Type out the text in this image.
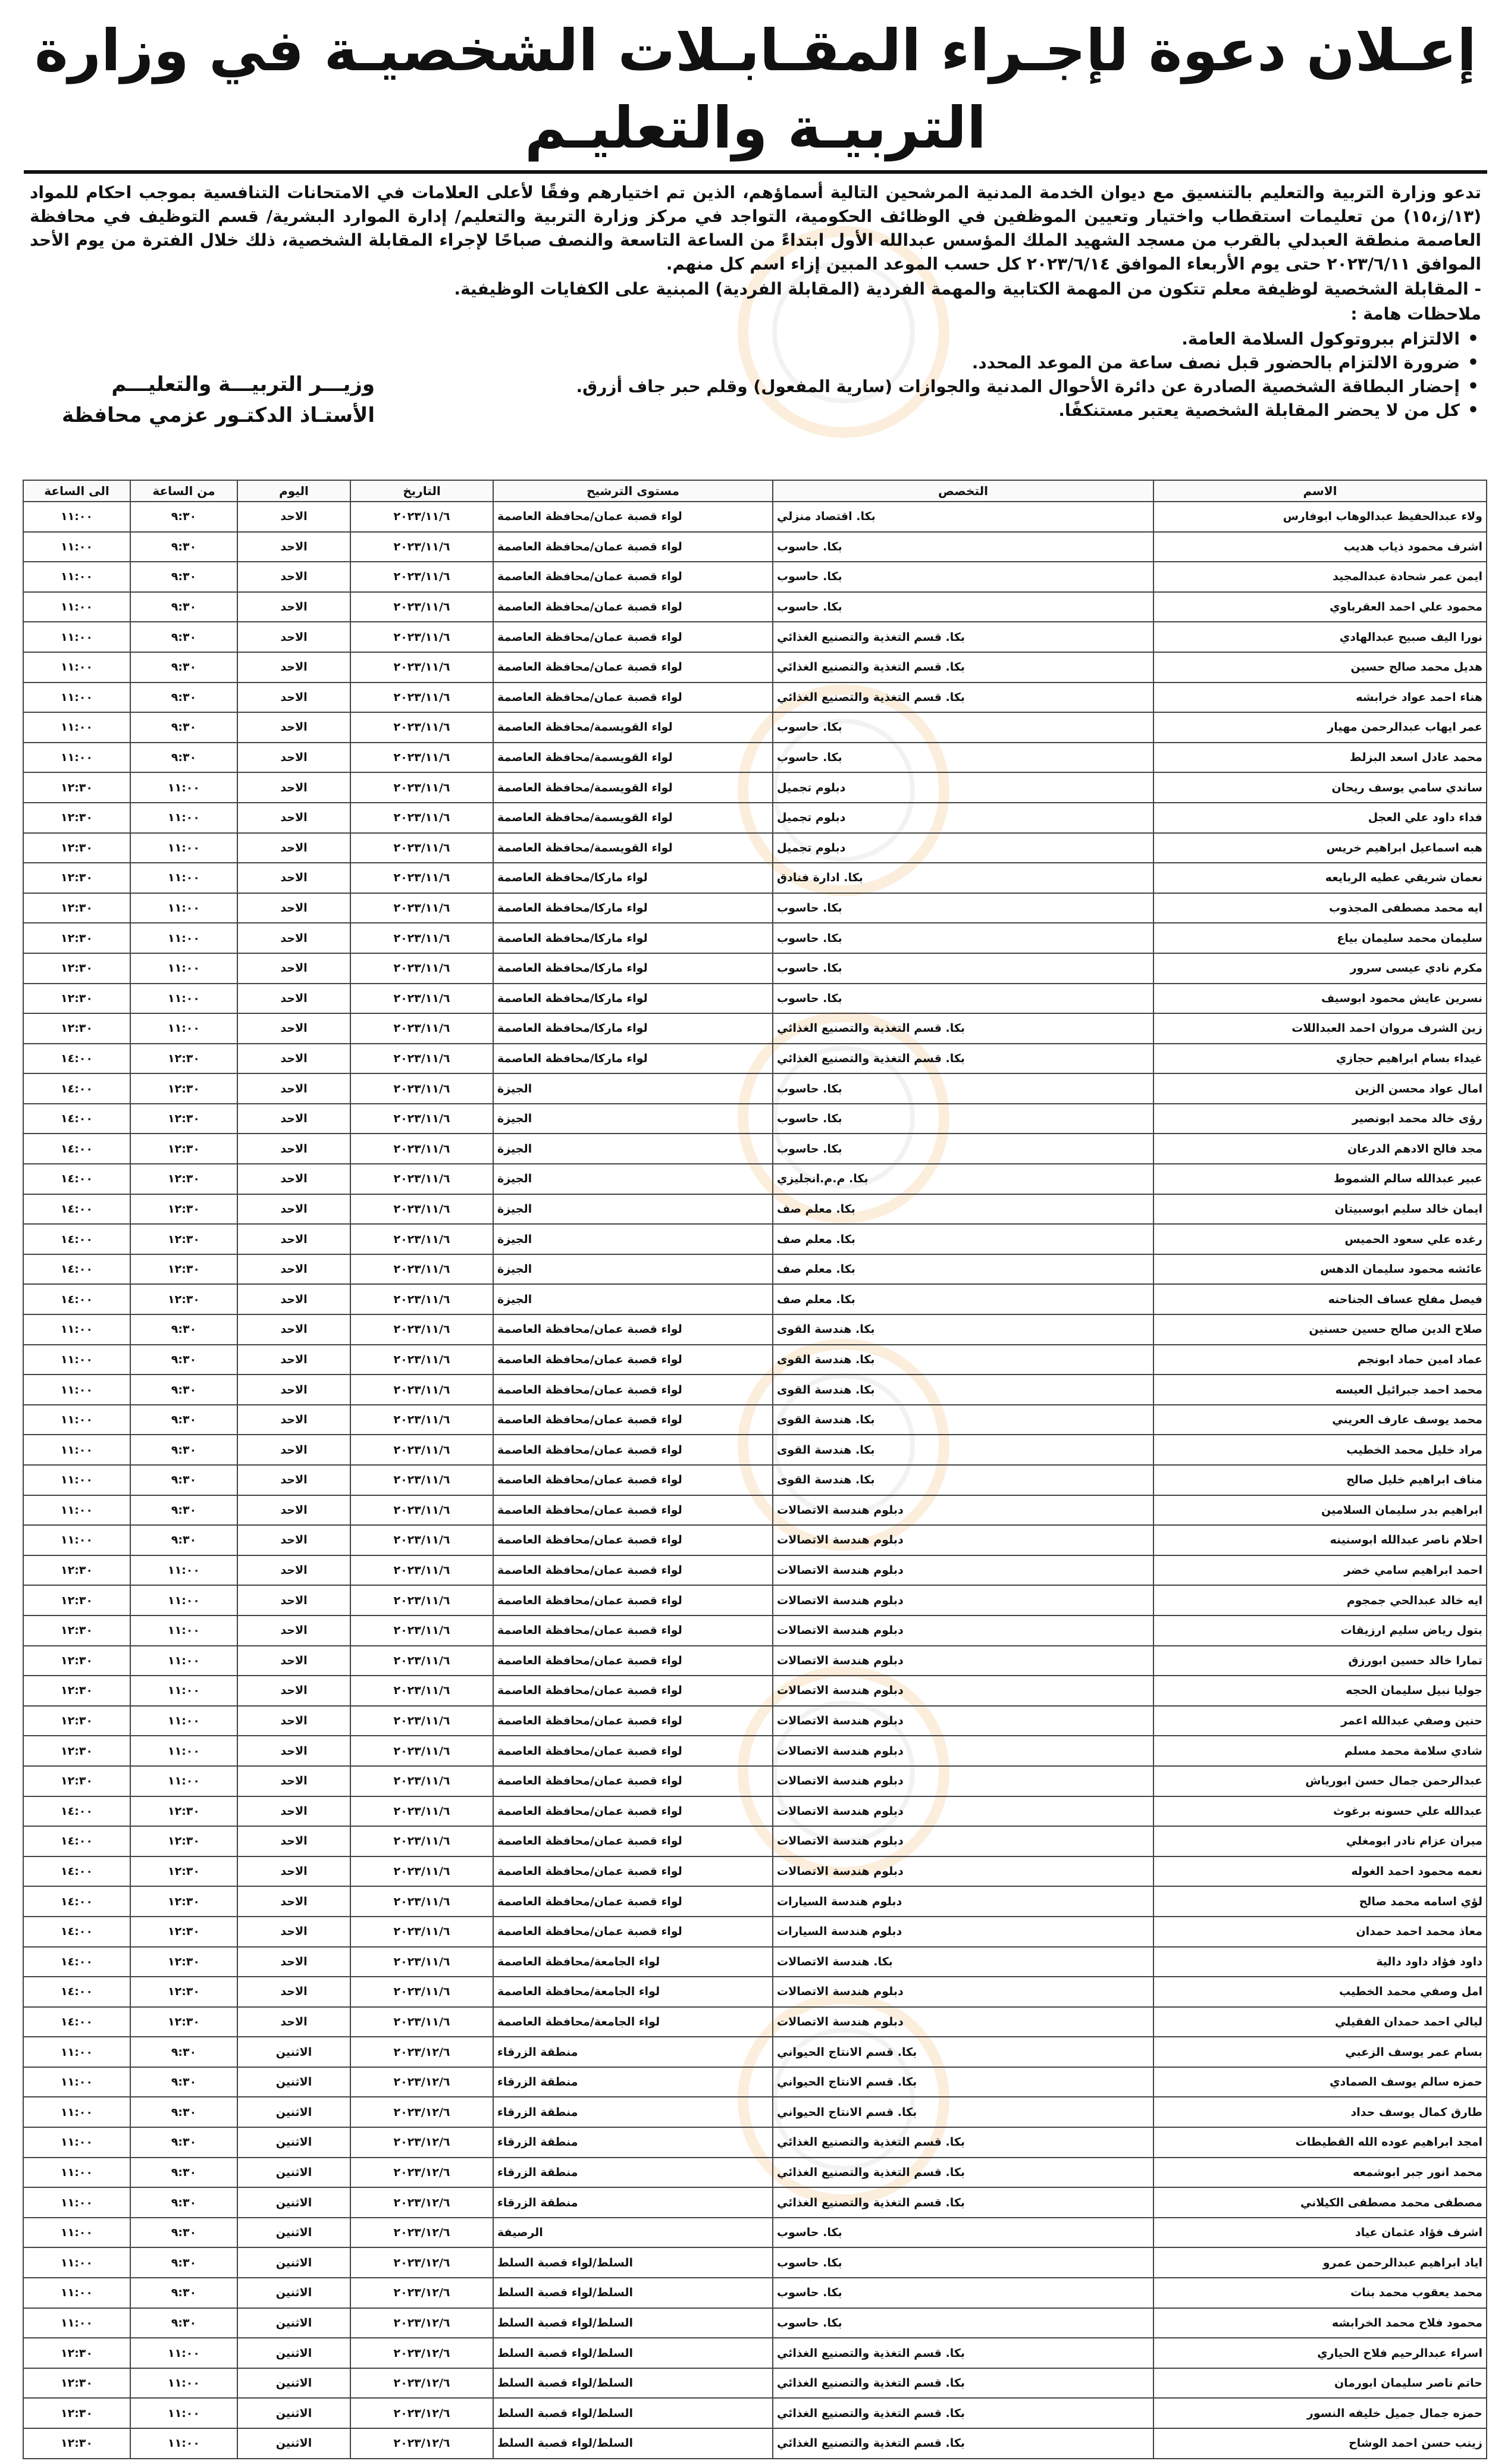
إعـلان دعوة لإجـراء المقـابـلات الشخصيـة في وزارة التربيـة والتعليـم

تدعو وزارة التربية والتعليم بالتنسيق مع ديوان الخدمة المدنية المرشحين التالية أسماؤهم، الذين تم اختيارهم وفقًا لأعلى العلامات في الامتحانات التنافسية بموجب احكام للمواد (١٣/ز،١٥) من تعليمات استقطاب واختيار وتعيين الموظفين في الوظائف الحكومية، التواجد في مركز وزارة التربية والتعليم/ إدارة الموارد البشرية/ قسم التوظيف في محافظة العاصمة منطقة العبدلي بالقرب من مسجد الشهيد الملك المؤسس عبدالله الأول ابتداءً من الساعة التاسعة والنصف صباحًا لإجراء المقابلة الشخصية، ذلك خلال الفترة من يوم الأحد الموافق ٢٠٢٣/٦/١١ حتى يوم الأربعاء الموافق ٢٠٢٣/٦/١٤ كل حسب الموعد المبين إزاء اسم كل منهم.

- المقابلة الشخصية لوظيفة معلم تتكون من المهمة الكتابية والمهمة الفردية (المقابلة الفردية) المبنية على الكفايات الوظيفية.

ملاحظات هامة :

• الالتزام ببروتوكول السلامة العامة.
• ضرورة الالتزام بالحضور قبل نصف ساعة من الموعد المحدد.
• إحضار البطاقة الشخصية الصادرة عن دائرة الأحوال المدنية والجوازات (سارية المفعول) وقلم حبر جاف أزرق.
• كل من لا يحضر المقابلة الشخصية يعتبر مستنكفًا.
وزيـــر التربيـــة والتعليـــم
الأستـاذ الدكتـور عزمي محافظة
الاسم	التخصص	مستوى الترشيح	التاريخ	اليوم	من الساعة	الى الساعة
ولاء عبدالحفيظ عبدالوهاب ابوفارس	بكا. اقتصاد منزلي	لواء قصبة عمان/محافظة العاصمة	٢٠٢٣/١١/٦	الاحد	٩:٣٠	١١:٠٠
اشرف محمود ذياب هديب	بكا. حاسوب	لواء قصبة عمان/محافظة العاصمة	٢٠٢٣/١١/٦	الاحد	٩:٣٠	١١:٠٠
ايمن عمر شحادة عبدالمجيد	بكا. حاسوب	لواء قصبة عمان/محافظة العاصمة	٢٠٢٣/١١/٦	الاحد	٩:٣٠	١١:٠٠
محمود علي احمد العقرباوي	بكا. حاسوب	لواء قصبة عمان/محافظة العاصمة	٢٠٢٣/١١/٦	الاحد	٩:٣٠	١١:٠٠
نورا اليف صبيح عبدالهادي	بكا. قسم التغذية والتصنيع الغذائي	لواء قصبة عمان/محافظة العاصمة	٢٠٢٣/١١/٦	الاحد	٩:٣٠	١١:٠٠
هديل محمد صالح حسين	بكا. قسم التغذية والتصنيع الغذائي	لواء قصبة عمان/محافظة العاصمة	٢٠٢٣/١١/٦	الاحد	٩:٣٠	١١:٠٠
هناء احمد عواد خرابشه	بكا. قسم التغذية والتصنيع الغذائي	لواء قصبة عمان/محافظة العاصمة	٢٠٢٣/١١/٦	الاحد	٩:٣٠	١١:٠٠
عمر ايهاب عبدالرحمن مهيار	بكا. حاسوب	لواء القويسمة/محافظة العاصمة	٢٠٢٣/١١/٦	الاحد	٩:٣٠	١١:٠٠
محمد عادل اسعد البزلط	بكا. حاسوب	لواء القويسمة/محافظة العاصمة	٢٠٢٣/١١/٦	الاحد	٩:٣٠	١١:٠٠
ساندي سامي يوسف ريحان	دبلوم تجميل	لواء القويسمة/محافظة العاصمة	٢٠٢٣/١١/٦	الاحد	١١:٠٠	١٢:٣٠
فداء داود علي العجل	دبلوم تجميل	لواء القويسمة/محافظة العاصمة	٢٠٢٣/١١/٦	الاحد	١١:٠٠	١٢:٣٠
هبه اسماعيل ابراهيم خريس	دبلوم تجميل	لواء القويسمة/محافظة العاصمة	٢٠٢٣/١١/٦	الاحد	١١:٠٠	١٢:٣٠
نعمان شريقي عطيه الربايعه	بكا. ادارة فنادق	لواء ماركا/محافظة العاصمة	٢٠٢٣/١١/٦	الاحد	١١:٠٠	١٢:٣٠
ايه محمد مصطفى المجذوب	بكا. حاسوب	لواء ماركا/محافظة العاصمة	٢٠٢٣/١١/٦	الاحد	١١:٠٠	١٢:٣٠
سليمان محمد سليمان بياع	بكا. حاسوب	لواء ماركا/محافظة العاصمة	٢٠٢٣/١١/٦	الاحد	١١:٠٠	١٢:٣٠
مكرم نادي عيسى سرور	بكا. حاسوب	لواء ماركا/محافظة العاصمة	٢٠٢٣/١١/٦	الاحد	١١:٠٠	١٢:٣٠
نسرين عايش محمود ابوسيف	بكا. حاسوب	لواء ماركا/محافظة العاصمة	٢٠٢٣/١١/٦	الاحد	١١:٠٠	١٢:٣٠
زين الشرف مروان احمد العبداللات	بكا. قسم التغذية والتصنيع الغذائي	لواء ماركا/محافظة العاصمة	٢٠٢٣/١١/٦	الاحد	١١:٠٠	١٢:٣٠
غيداء بسام ابراهيم حجازي	بكا. قسم التغذية والتصنيع الغذائي	لواء ماركا/محافظة العاصمة	٢٠٢٣/١١/٦	الاحد	١٢:٣٠	١٤:٠٠
امال عواد محسن الزين	بكا. حاسوب	الجيزة	٢٠٢٣/١١/٦	الاحد	١٢:٣٠	١٤:٠٠
رؤى خالد محمد ابونصير	بكا. حاسوب	الجيزة	٢٠٢٣/١١/٦	الاحد	١٢:٣٠	١٤:٠٠
مجد فالح الادهم الدرعان	بكا. حاسوب	الجيزة	٢٠٢٣/١١/٦	الاحد	١٢:٣٠	١٤:٠٠
عبير عبدالله سالم الشموط	بكا. م.م.انجليزي	الجيزة	٢٠٢٣/١١/٦	الاحد	١٢:٣٠	١٤:٠٠
ايمان خالد سليم ابوسبيتان	بكا. معلم صف	الجيزة	٢٠٢٣/١١/٦	الاحد	١٢:٣٠	١٤:٠٠
رغده علي سعود الحميس	بكا. معلم صف	الجيزة	٢٠٢٣/١١/٦	الاحد	١٢:٣٠	١٤:٠٠
عائشه محمود سليمان الدهس	بكا. معلم صف	الجيزة	٢٠٢٣/١١/٦	الاحد	١٢:٣٠	١٤:٠٠
فيصل مفلح عساف الجناحنه	بكا. معلم صف	الجيزة	٢٠٢٣/١١/٦	الاحد	١٢:٣٠	١٤:٠٠
صلاح الدين صالح حسين حسنين	بكا. هندسة القوى	لواء قصبة عمان/محافظة العاصمة	٢٠٢٣/١١/٦	الاحد	٩:٣٠	١١:٠٠
عماد امين حماد ابونجم	بكا. هندسة القوى	لواء قصبة عمان/محافظة العاصمة	٢٠٢٣/١١/٦	الاحد	٩:٣٠	١١:٠٠
محمد احمد جبرائيل العيسه	بكا. هندسة القوى	لواء قصبة عمان/محافظة العاصمة	٢٠٢٣/١١/٦	الاحد	٩:٣٠	١١:٠٠
محمد يوسف عارف العريني	بكا. هندسة القوى	لواء قصبة عمان/محافظة العاصمة	٢٠٢٣/١١/٦	الاحد	٩:٣٠	١١:٠٠
مراد خليل محمد الخطيب	بكا. هندسة القوى	لواء قصبة عمان/محافظة العاصمة	٢٠٢٣/١١/٦	الاحد	٩:٣٠	١١:٠٠
مناف ابراهيم خليل صالح	بكا. هندسة القوى	لواء قصبة عمان/محافظة العاصمة	٢٠٢٣/١١/٦	الاحد	٩:٣٠	١١:٠٠
ابراهيم بدر سليمان السلامين	دبلوم هندسة الاتصالات	لواء قصبة عمان/محافظة العاصمة	٢٠٢٣/١١/٦	الاحد	٩:٣٠	١١:٠٠
احلام ناصر عبدالله ابوسنينه	دبلوم هندسة الاتصالات	لواء قصبة عمان/محافظة العاصمة	٢٠٢٣/١١/٦	الاحد	٩:٣٠	١١:٠٠
احمد ابراهيم سامي خضر	دبلوم هندسة الاتصالات	لواء قصبة عمان/محافظة العاصمة	٢٠٢٣/١١/٦	الاحد	١١:٠٠	١٢:٣٠
ايه خالد عبدالحي جمجوم	دبلوم هندسة الاتصالات	لواء قصبة عمان/محافظة العاصمة	٢٠٢٣/١١/٦	الاحد	١١:٠٠	١٢:٣٠
بتول رياض سليم ارزيقات	دبلوم هندسة الاتصالات	لواء قصبة عمان/محافظة العاصمة	٢٠٢٣/١١/٦	الاحد	١١:٠٠	١٢:٣٠
تمارا خالد حسين ابورزق	دبلوم هندسة الاتصالات	لواء قصبة عمان/محافظة العاصمة	٢٠٢٣/١١/٦	الاحد	١١:٠٠	١٢:٣٠
جوليا نبيل سليمان الحجه	دبلوم هندسة الاتصالات	لواء قصبة عمان/محافظة العاصمة	٢٠٢٣/١١/٦	الاحد	١١:٠٠	١٢:٣٠
حنين وصفي عبدالله اعمر	دبلوم هندسة الاتصالات	لواء قصبة عمان/محافظة العاصمة	٢٠٢٣/١١/٦	الاحد	١١:٠٠	١٢:٣٠
شادي سلامة محمد مسلم	دبلوم هندسة الاتصالات	لواء قصبة عمان/محافظة العاصمة	٢٠٢٣/١١/٦	الاحد	١١:٠٠	١٢:٣٠
عبدالرحمن جمال حسن ابورياش	دبلوم هندسة الاتصالات	لواء قصبة عمان/محافظة العاصمة	٢٠٢٣/١١/٦	الاحد	١١:٠٠	١٢:٣٠
عبدالله علي حسونه برغوث	دبلوم هندسة الاتصالات	لواء قصبة عمان/محافظة العاصمة	٢٠٢٣/١١/٦	الاحد	١٢:٣٠	١٤:٠٠
ميران عزام نادر ابومغلي	دبلوم هندسة الاتصالات	لواء قصبة عمان/محافظة العاصمة	٢٠٢٣/١١/٦	الاحد	١٢:٣٠	١٤:٠٠
نعمه محمود احمد الغوله	دبلوم هندسة الاتصالات	لواء قصبة عمان/محافظة العاصمة	٢٠٢٣/١١/٦	الاحد	١٢:٣٠	١٤:٠٠
لؤي اسامه محمد صالح	دبلوم هندسة السيارات	لواء قصبة عمان/محافظة العاصمة	٢٠٢٣/١١/٦	الاحد	١٢:٣٠	١٤:٠٠
معاذ محمد احمد حمدان	دبلوم هندسة السيارات	لواء قصبة عمان/محافظة العاصمة	٢٠٢٣/١١/٦	الاحد	١٢:٣٠	١٤:٠٠
داود فؤاد داود دالية	بكا. هندسة الاتصالات	لواء الجامعة/محافظة العاصمة	٢٠٢٣/١١/٦	الاحد	١٢:٣٠	١٤:٠٠
امل وصفي محمد الخطيب	دبلوم هندسة الاتصالات	لواء الجامعة/محافظة العاصمة	٢٠٢٣/١١/٦	الاحد	١٢:٣٠	١٤:٠٠
ليالي احمد حمدان الفقيلي	دبلوم هندسة الاتصالات	لواء الجامعة/محافظة العاصمة	٢٠٢٣/١١/٦	الاحد	١٢:٣٠	١٤:٠٠
بسام عمر يوسف الزعبي	بكا. قسم الانتاج الحيواني	منطقة الزرقاء	٢٠٢٣/١٢/٦	الاثنين	٩:٣٠	١١:٠٠
حمزه سالم يوسف الصمادي	بكا. قسم الانتاج الحيواني	منطقة الزرقاء	٢٠٢٣/١٢/٦	الاثنين	٩:٣٠	١١:٠٠
طارق كمال يوسف حداد	بكا. قسم الانتاج الحيواني	منطقة الزرقاء	٢٠٢٣/١٢/٦	الاثنين	٩:٣٠	١١:٠٠
امجد ابراهيم عوده الله القطيطات	بكا. قسم التغذية والتصنيع الغذائي	منطقة الزرقاء	٢٠٢٣/١٢/٦	الاثنين	٩:٣٠	١١:٠٠
محمد انور جبر ابوشمعه	بكا. قسم التغذية والتصنيع الغذائي	منطقة الزرقاء	٢٠٢٣/١٢/٦	الاثنين	٩:٣٠	١١:٠٠
مصطفى محمد مصطفى الكيلاني	بكا. قسم التغذية والتصنيع الغذائي	منطقة الزرقاء	٢٠٢٣/١٢/٦	الاثنين	٩:٣٠	١١:٠٠
اشرف فؤاد عثمان عياد	بكا. حاسوب	الرصيفة	٢٠٢٣/١٢/٦	الاثنين	٩:٣٠	١١:٠٠
اياد ابراهيم عبدالرحمن عمرو	بكا. حاسوب	السلط/لواء قصبة السلط	٢٠٢٣/١٢/٦	الاثنين	٩:٣٠	١١:٠٠
محمد يعقوب محمد بنات	بكا. حاسوب	السلط/لواء قصبة السلط	٢٠٢٣/١٢/٦	الاثنين	٩:٣٠	١١:٠٠
محمود فلاح محمد الخرابشه	بكا. حاسوب	السلط/لواء قصبة السلط	٢٠٢٣/١٢/٦	الاثنين	٩:٣٠	١١:٠٠
اسراء عبدالرحيم فلاح الحياري	بكا. قسم التغذية والتصنيع الغذائي	السلط/لواء قصبة السلط	٢٠٢٣/١٢/٦	الاثنين	١١:٠٠	١٢:٣٠
حاتم ناصر سليمان ابورمان	بكا. قسم التغذية والتصنيع الغذائي	السلط/لواء قصبة السلط	٢٠٢٣/١٢/٦	الاثنين	١١:٠٠	١٢:٣٠
حمزه جمال جميل خليفه النسور	بكا. قسم التغذية والتصنيع الغذائي	السلط/لواء قصبة السلط	٢٠٢٣/١٢/٦	الاثنين	١١:٠٠	١٢:٣٠
زينب حسن احمد الوشاح	بكا. قسم التغذية والتصنيع الغذائي	السلط/لواء قصبة السلط	٢٠٢٣/١٢/٦	الاثنين	١١:٠٠	١٢:٣٠
